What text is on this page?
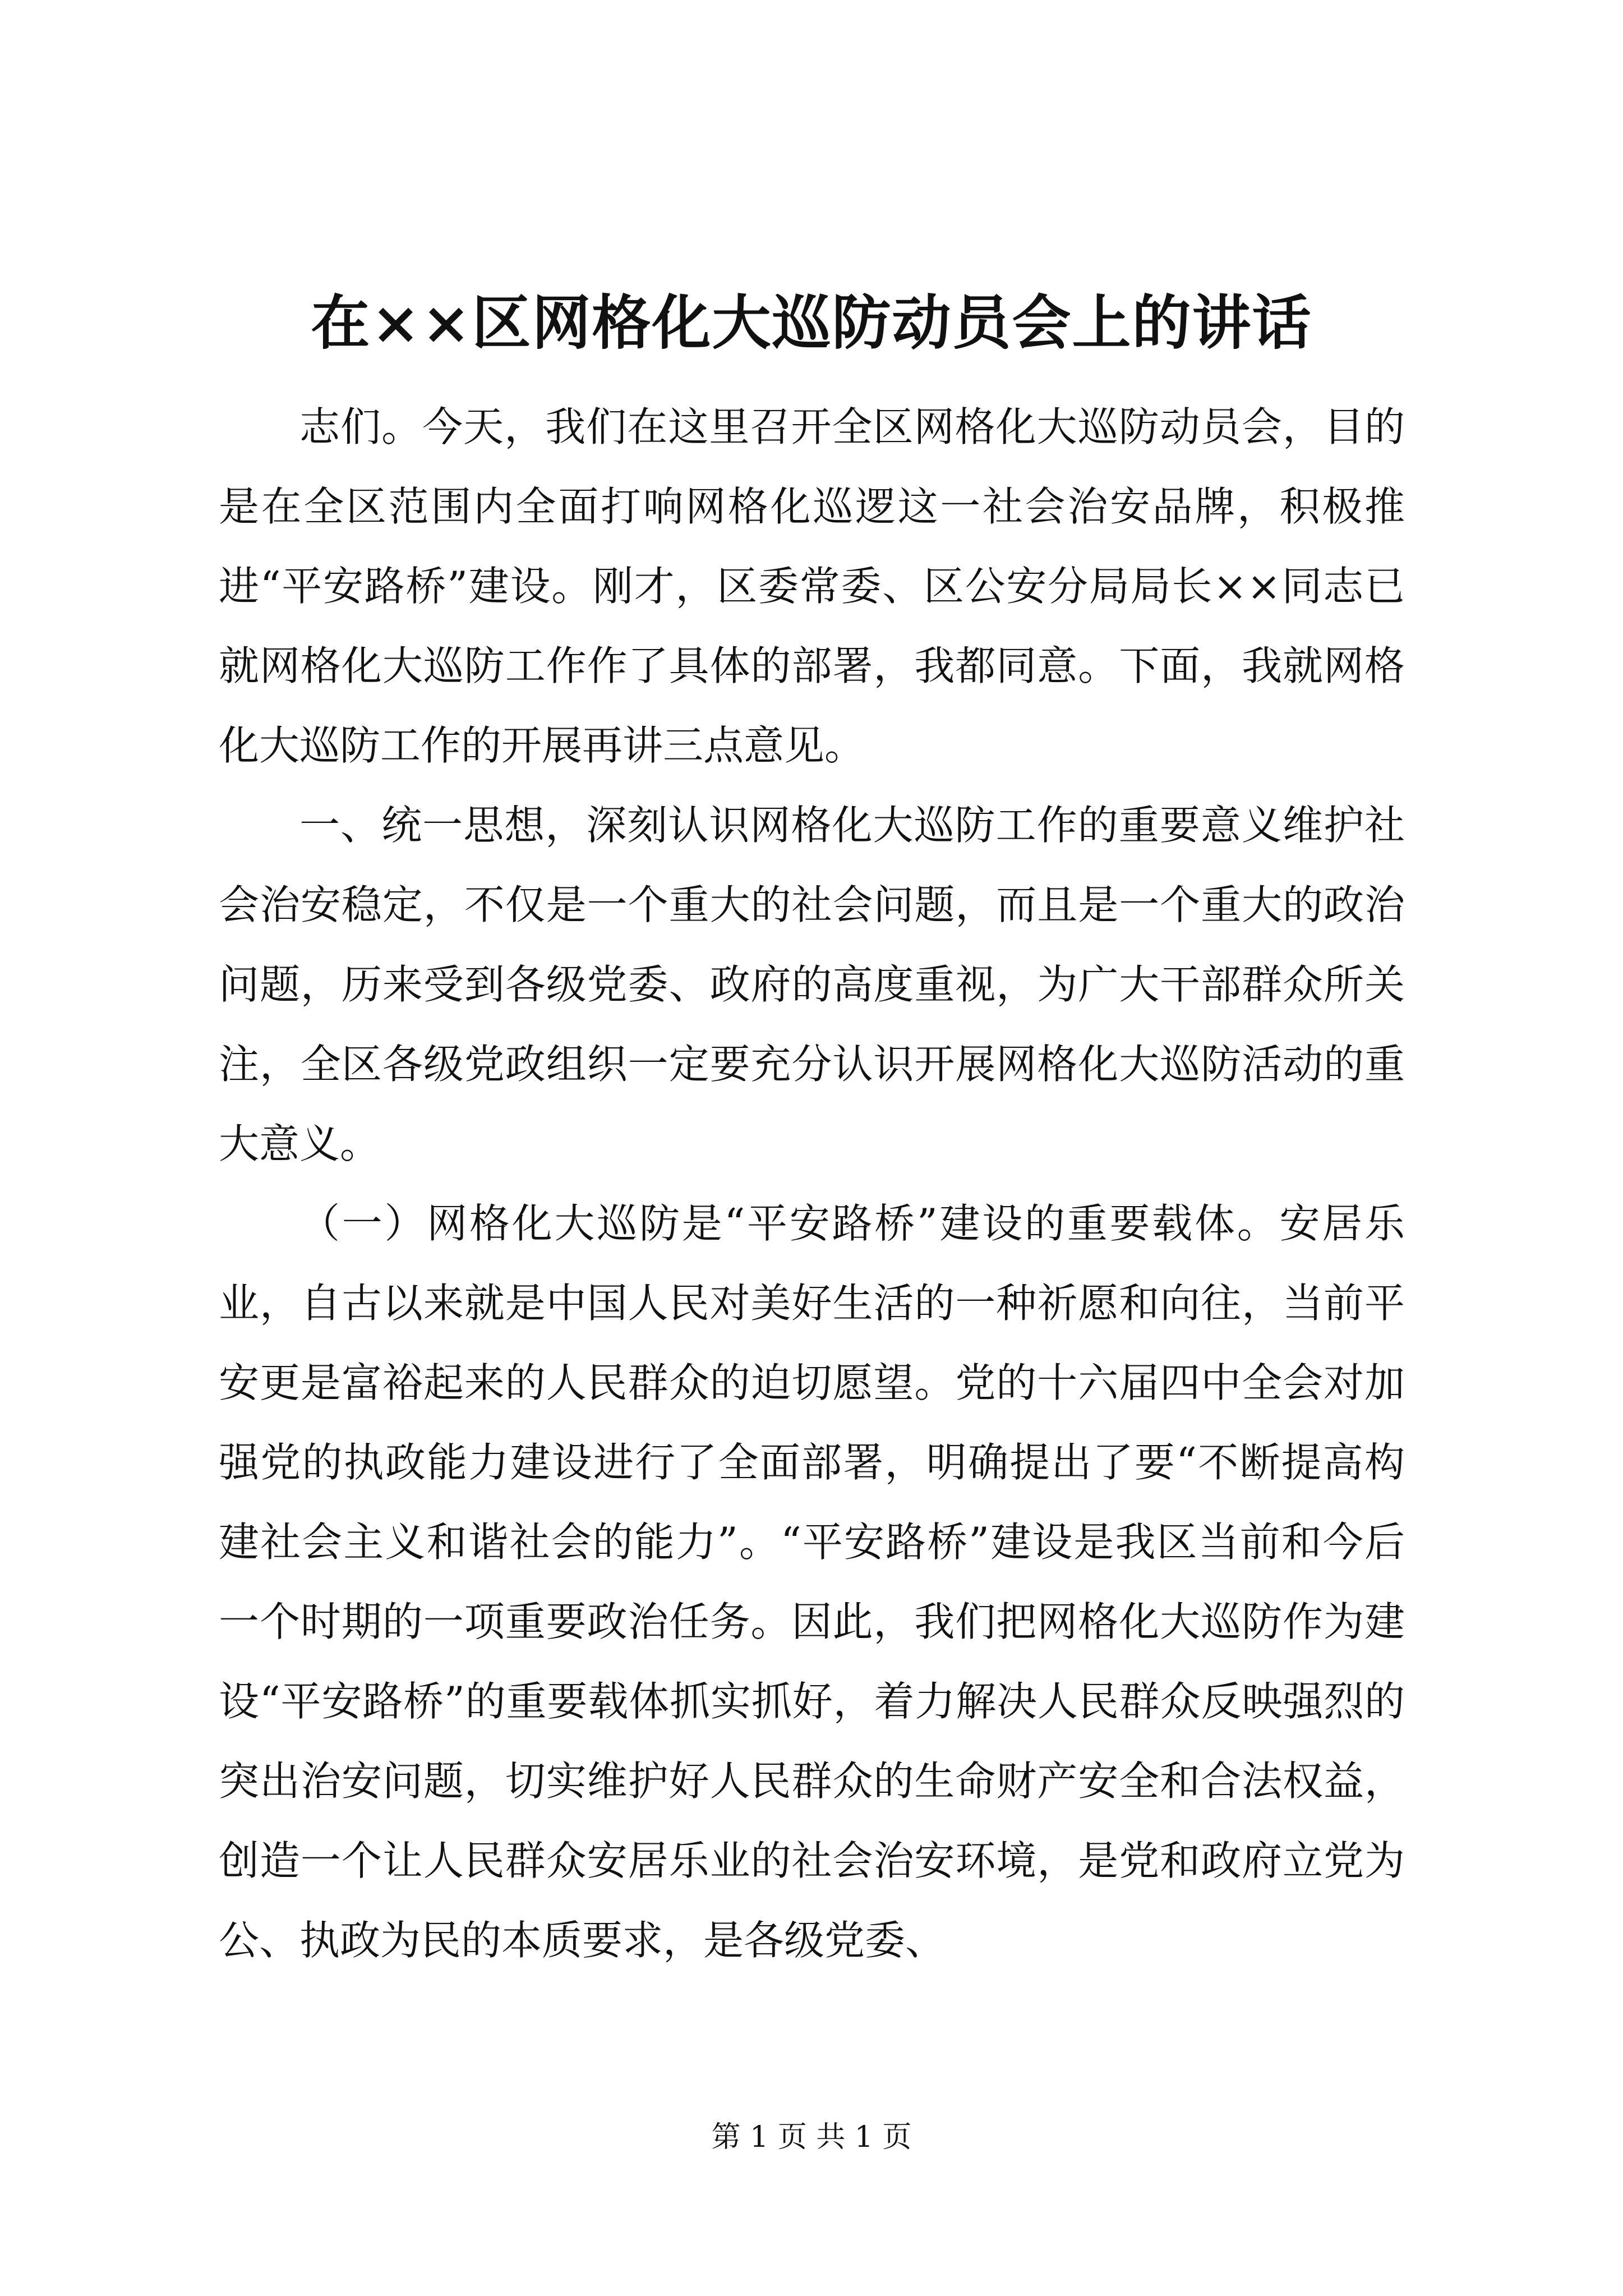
在××区网格化大巡防动员会上的讲话

志们。今天，我们在这里召开全区网格化大巡防动员会，目的是在全区范围内全面打响网格化巡逻这一社会治安品牌，积极推进“平安路桥”建设。刚才，区委常委、区公安分局局长××同志已就网格化大巡防工作作了具体的部署，我都同意。下面，我就网格化大巡防工作的开展再讲三点意见。

一、统一思想，深刻认识网格化大巡防工作的重要意义维护社会治安稳定，不仅是一个重大的社会问题，而且是一个重大的政治问题，历来受到各级党委、政府的高度重视，为广大干部群众所关注，全区各级党政组织一定要充分认识开展网格化大巡防活动的重大意义。

（一）网格化大巡防是“平安路桥”建设的重要载体。安居乐业，自古以来就是中国人民对美好生活的一种祈愿和向往，当前平安更是富裕起来的人民群众的迫切愿望。党的十六届四中全会对加强党的执政能力建设进行了全面部署，明确提出了要“不断提高构建社会主义和谐社会的能力”。“平安路桥”建设是我区当前和今后一个时期的一项重要政治任务。因此，我们把网格化大巡防作为建设“平安路桥”的重要载体抓实抓好，着力解决人民群众反映强烈的突出治安问题，切实维护好人民群众的生命财产安全和合法权益，创造一个让人民群众安居乐业的社会治安环境，是党和政府立党为公、执政为民的本质要求，是各级党委、

第 1 页 共 1 页
